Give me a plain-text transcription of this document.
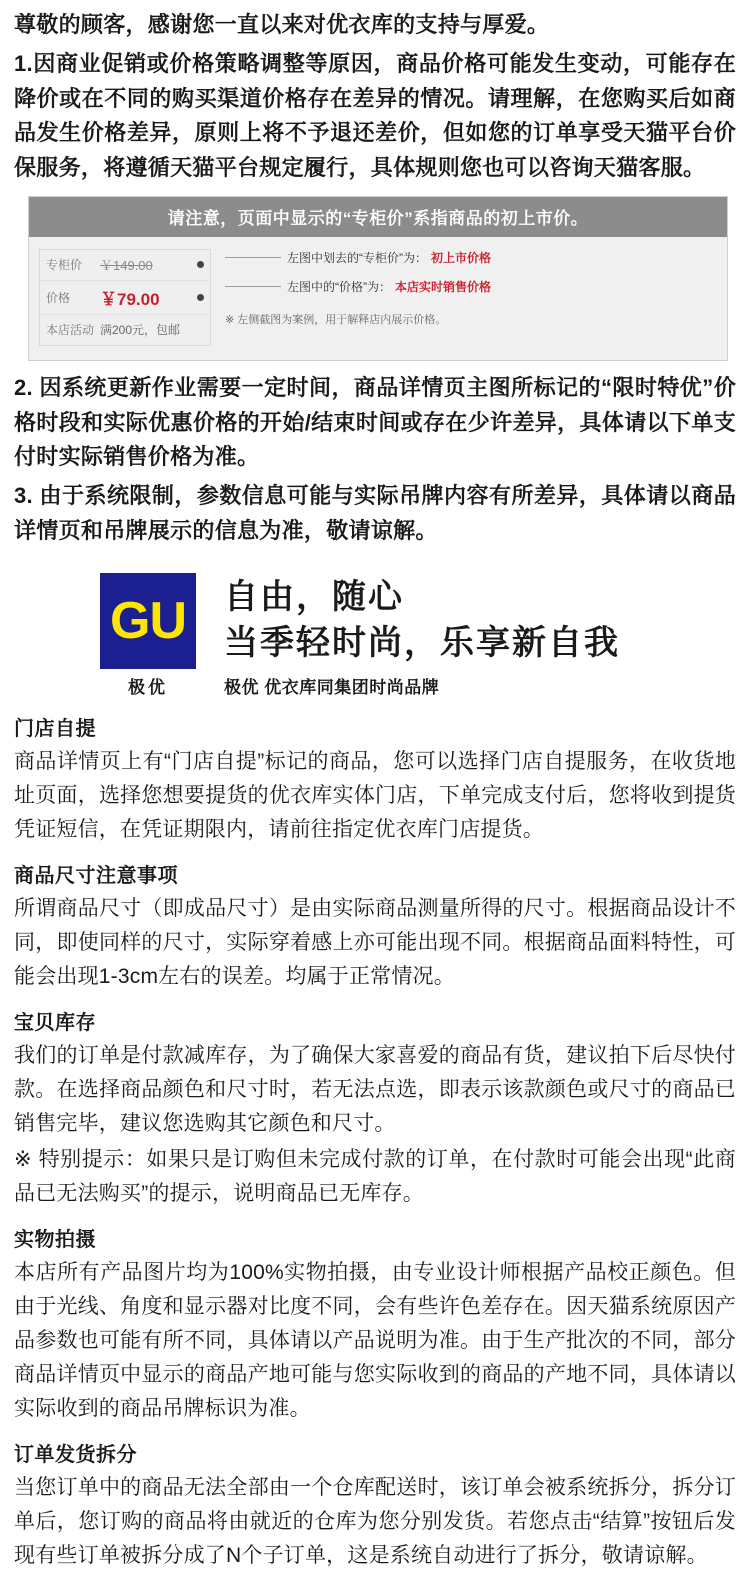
尊敬的顾客，感谢您一直以来对优衣库的支持与厚爱。

1.因商业促销或价格策略调整等原因，商品价格可能发生变动，可能存在降价或在不同的购买渠道价格存在差异的情况。请理解，在您购买后如商品发生价格差异，原则上将不予退还差价，但如您的订单享受天猫平台价保服务，将遵循天猫平台规定履行，具体规则您也可以咨询天猫客服。

请注意，页面中显示的“专柜价”系指商品的初上市价。
专柜价	￥149.00
价格	￥79.00
本店活动 满200元，包邮
左图中划去的“专柜价”为： 初上市价格
左图中的“价格”为： 本店实时销售价格
※ 左侧截图为案例，用于解释店内展示价格。

2. 因系统更新作业需要一定时间，商品详情页主图所标记的“限时特优”价格时段和实际优惠价格的开始/结束时间或存在少许差异，具体请以下单支付时实际销售价格为准。

3. 由于系统限制，参数信息可能与实际吊牌内容有所差异，具体请以商品详情页和吊牌展示的信息为准，敬请谅解。

GU 自由，随心
当季轻时尚，乐享新自我
极优	极优 优衣库同集团时尚品牌
门店自提

商品详情页上有“门店自提”标记的商品，您可以选择门店自提服务，在收货地址页面，选择您想要提货的优衣库实体门店，下单完成支付后，您将收到提货凭证短信，在凭证期限内，请前往指定优衣库门店提货。

商品尺寸注意事项

所谓商品尺寸（即成品尺寸）是由实际商品测量所得的尺寸。根据商品设计不同，即使同样的尺寸，实际穿着感上亦可能出现不同。根据商品面料特性，可能会出现1-3cm左右的误差。均属于正常情况。

宝贝库存

我们的订单是付款减库存，为了确保大家喜爱的商品有货，建议拍下后尽快付款。在选择商品颜色和尺寸时，若无法点选，即表示该款颜色或尺寸的商品已销售完毕，建议您选购其它颜色和尺寸。

※ 特别提示：如果只是订购但未完成付款的订单，在付款时可能会出现“此商品已无法购买”的提示，说明商品已无库存。

实物拍摄

本店所有产品图片均为100%实物拍摄，由专业设计师根据产品校正颜色。但由于光线、角度和显示器对比度不同，会有些许色差存在。因天猫系统原因产品参数也可能有所不同，具体请以产品说明为准。由于生产批次的不同，部分商品详情页中显示的商品产地可能与您实际收到的商品的产地不同，具体请以实际收到的商品吊牌标识为准。

订单发货拆分

当您订单中的商品无法全部由一个仓库配送时，该订单会被系统拆分，拆分订单后，您订购的商品将由就近的仓库为您分别发货。若您点击“结算”按钮后发现有些订单被拆分成了N个子订单，这是系统自动进行了拆分，敬请谅解。
